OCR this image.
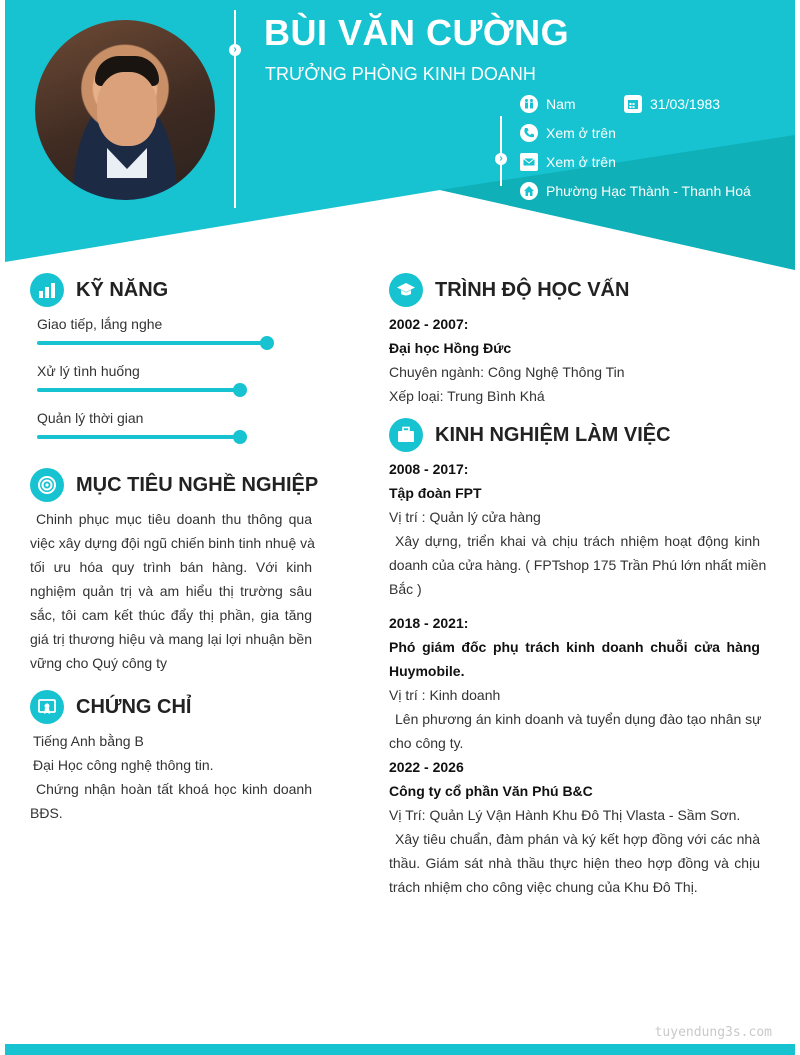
›
›
BÙI VĂN CƯỜNG
TRƯỞNG PHÒNG KINH DOANH
Nam	31/03/1983
Xem ở trên
Xem ở trên
Phường Hạc Thành - Thanh Hoá
KỸ NĂNG
Giao tiếp, lắng nghe
Xử lý tình huống
Quản lý thời gian
MỤC TIÊU NGHỀ NGHIỆP
Chinh phục mục tiêu doanh thu thông qua
việc xây dựng đội ngũ chiến binh tinh nhuệ và
tối ưu hóa quy trình bán hàng. Với kinh
nghiệm quản trị và am hiểu thị trường sâu
sắc, tôi cam kết thúc đẩy thị phần, gia tăng
giá trị thương hiệu và mang lại lợi nhuận bền
vững cho Quý công ty
CHỨNG CHỈ
Tiếng Anh bằng B
Đại Học công nghệ thông tin.
Chứng nhận hoàn tất khoá học kinh doanh
BĐS.
TRÌNH ĐỘ HỌC VẤN
2002 - 2007:
Đại học Hồng Đức
Chuyên ngành: Công Nghệ Thông Tin
Xếp loại: Trung Bình Khá
KINH NGHIỆM LÀM VIỆC
2008 - 2017:
Tập đoàn FPT
Vị trí : Quản lý cửa hàng
Xây dựng, triển khai và chịu trách nhiệm hoạt động kinh
doanh của cửa hàng. ( FPTshop 175 Trần Phú lớn nhất miền
Bắc )
2018 - 2021:
Phó giám đốc phụ trách kinh doanh chuỗi cửa hàng
Huymobile.
Vị trí : Kinh doanh
Lên phương án kinh doanh và tuyển dụng đào tạo nhân sự
cho công ty.
2022 - 2026
Công ty cổ phần Văn Phú B&C
Vị Trí: Quản Lý Vận Hành Khu Đô Thị Vlasta - Sầm Sơn.
Xây tiêu chuẩn, đàm phán và ký kết hợp đồng với các nhà
thầu. Giám sát nhà thầu thực hiện theo hợp đồng và chịu
trách nhiệm cho công việc chung của Khu Đô Thị.
tuyendung3s.com
